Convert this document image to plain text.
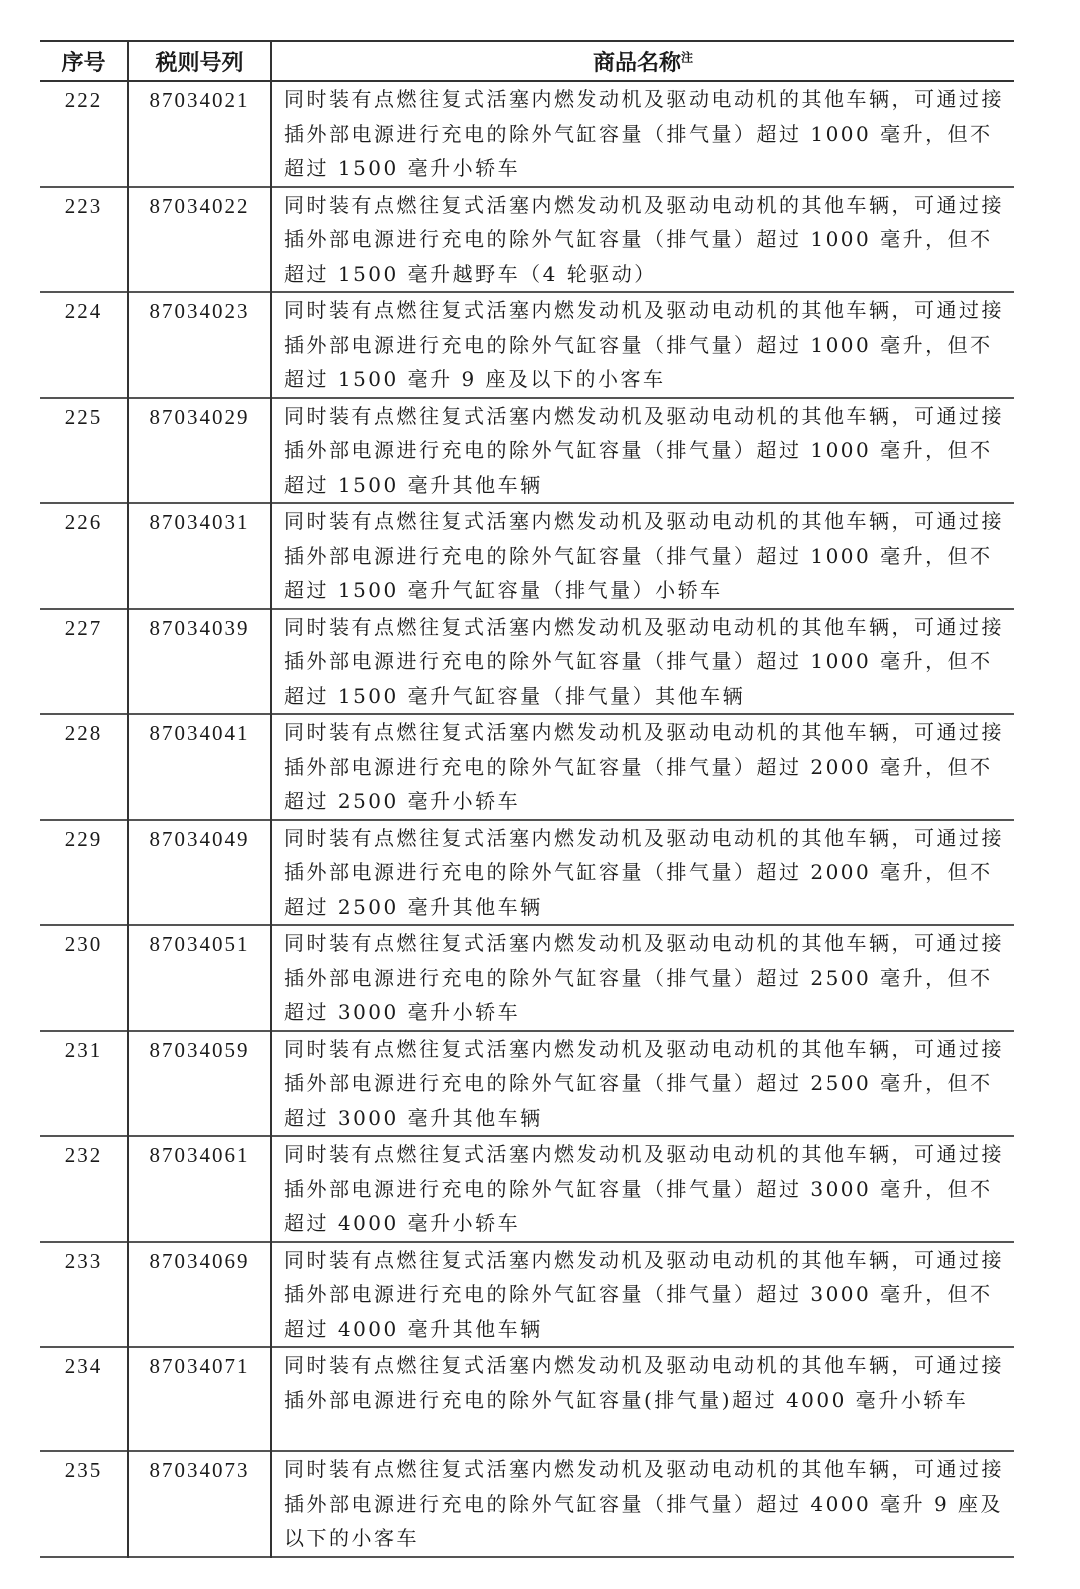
序号	税则号列	商品名称$^注$
222	87034021	同时装有点燃往复式活塞内燃发动机及驱动电动机的其他车辆，可通过接插外部电源进行充电的除外气缸容量（排气量）超过 1000 毫升，但不超过 1500 毫升小轿车
223	87034022	同时装有点燃往复式活塞内燃发动机及驱动电动机的其他车辆，可通过接插外部电源进行充电的除外气缸容量（排气量）超过 1000 毫升，但不超过 1500 毫升越野车（4 轮驱动）
224	87034023	同时装有点燃往复式活塞内燃发动机及驱动电动机的其他车辆，可通过接插外部电源进行充电的除外气缸容量（排气量）超过 1000 毫升，但不超过 1500 毫升 9 座及以下的小客车
225	87034029	同时装有点燃往复式活塞内燃发动机及驱动电动机的其他车辆，可通过接插外部电源进行充电的除外气缸容量（排气量）超过 1000 毫升，但不超过 1500 毫升其他车辆
226	87034031	同时装有点燃往复式活塞内燃发动机及驱动电动机的其他车辆，可通过接插外部电源进行充电的除外气缸容量（排气量）超过 1000 毫升，但不超过 1500 毫升气缸容量（排气量）小轿车
227	87034039	同时装有点燃往复式活塞内燃发动机及驱动电动机的其他车辆，可通过接插外部电源进行充电的除外气缸容量（排气量）超过 1000 毫升，但不超过 1500 毫升气缸容量（排气量）其他车辆
228	87034041	同时装有点燃往复式活塞内燃发动机及驱动电动机的其他车辆，可通过接插外部电源进行充电的除外气缸容量（排气量）超过 2000 毫升，但不超过 2500 毫升小轿车
229	87034049	同时装有点燃往复式活塞内燃发动机及驱动电动机的其他车辆，可通过接插外部电源进行充电的除外气缸容量（排气量）超过 2000 毫升，但不超过 2500 毫升其他车辆
230	87034051	同时装有点燃往复式活塞内燃发动机及驱动电动机的其他车辆，可通过接插外部电源进行充电的除外气缸容量（排气量）超过 2500 毫升，但不超过 3000 毫升小轿车
231	87034059	同时装有点燃往复式活塞内燃发动机及驱动电动机的其他车辆，可通过接插外部电源进行充电的除外气缸容量（排气量）超过 2500 毫升，但不超过 3000 毫升其他车辆
232	87034061	同时装有点燃往复式活塞内燃发动机及驱动电动机的其他车辆，可通过接插外部电源进行充电的除外气缸容量（排气量）超过 3000 毫升，但不超过 4000 毫升小轿车
233	87034069	同时装有点燃往复式活塞内燃发动机及驱动电动机的其他车辆，可通过接插外部电源进行充电的除外气缸容量（排气量）超过 3000 毫升，但不超过 4000 毫升其他车辆
234	87034071	同时装有点燃往复式活塞内燃发动机及驱动电动机的其他车辆，可通过接插外部电源进行充电的除外气缸容量(排气量)超过 4000 毫升小轿车
235	87034073	同时装有点燃往复式活塞内燃发动机及驱动电动机的其他车辆，可通过接插外部电源进行充电的除外气缸容量（排气量）超过 4000 毫升 9 座及以下的小客车
